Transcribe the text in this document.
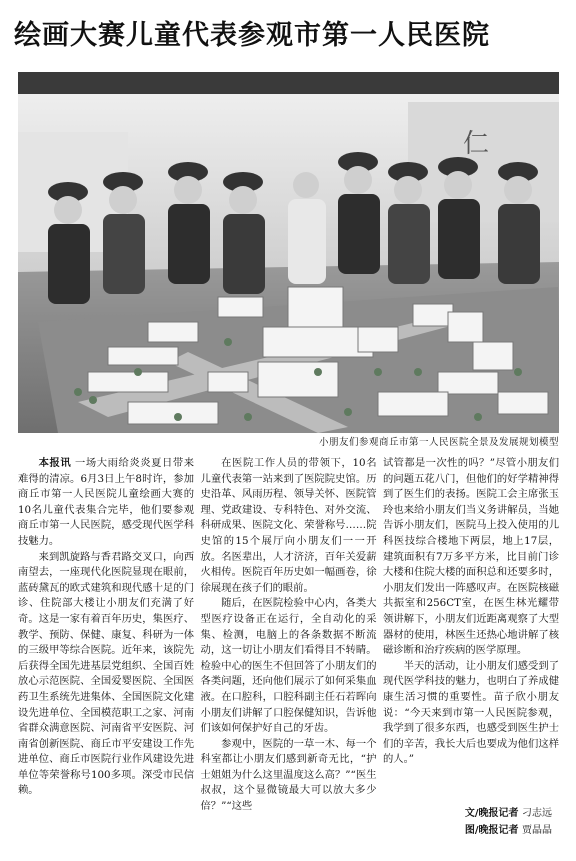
绘画大赛儿童代表参观市第一人民医院
仁
小朋友们参观商丘市第一人民医院全景及发展规划模型

本报讯 一场大雨给炎炎夏日带来难得的清凉。6月3日上午8时许，参加商丘市第一人民医院儿童绘画大赛的10名儿童代表集合完毕，他们要参观商丘市第一人民医院，感受现代医学科技魅力。

来到凯旋路与香君路交叉口，向西南望去，一座现代化医院显现在眼前，蓝砖黛瓦的欧式建筑和现代感十足的门诊、住院部大楼让小朋友们充满了好奇。这是一家有着百年历史，集医疗、教学、预防、保健、康复、科研为一体的三级甲等综合医院。近年来，该院先后获得全国先进基层党组织、全国百姓放心示范医院、全国爱婴医院、全国医药卫生系统先进集体、全国医院文化建设先进单位、全国模范职工之家、河南省群众满意医院、河南省平安医院、河南省创新医院、商丘市平安建设工作先进单位、商丘市医院行业作风建设先进单位等荣誉称号100多项。深受市民信赖。

在医院工作人员的带领下，10名儿童代表第一站来到了医院院史馆。历史沿革、风雨历程、领导关怀、医院管理、党政建设、专科特色、对外交流、科研成果、医院文化、荣誉称号……院史馆的15个展厅向小朋友们一一开放。名医辈出，人才济济，百年关爱薪火相传。医院百年历史如一幅画卷，徐徐展现在孩子们的眼前。

随后，在医院检验中心内，各类大型医疗设备正在运行，全自动化的采集、检测，电脑上的各条数据不断流动，这一切让小朋友们看得目不转睛。检验中心的医生不但回答了小朋友们的各类问题，还向他们展示了如何采集血液。在口腔科，口腔科副主任石若晖向小朋友们讲解了口腔保健知识，告诉他们该如何保护好自己的牙齿。

参观中，医院的一草一木、每一个科室都让小朋友们感到新奇无比，“护士姐姐为什么这里温度这么高？”“医生叔叔，这个显微镜最大可以放大多少倍？”“这些

试管都是一次性的吗？”尽管小朋友们的问题五花八门，但他们的好学精神得到了医生们的表扬。医院工会主席张玉玲也来给小朋友们当义务讲解员，当她告诉小朋友们，医院马上投入使用的儿科医技综合楼地下两层，地上17层，建筑面积有7万多平方米，比目前门诊大楼和住院大楼的面积总和还要多时，小朋友们发出一阵感叹声。在医院核磁共振室和256CT室，在医生林光耀带领讲解下，小朋友们近距离观察了大型器材的使用，林医生还热心地讲解了核磁诊断和治疗疾病的医学原理。

半天的活动，让小朋友们感受到了现代医学科技的魅力，也明白了养成健康生活习惯的重要性。苗子欣小朋友说：“今天来到市第一人民医院参观，我学到了很多东西，也感受到医生护士们的辛苦，我长大后也要成为他们这样的人。”

文/晚报记者 刁志远
图/晚报记者 贾晶晶
